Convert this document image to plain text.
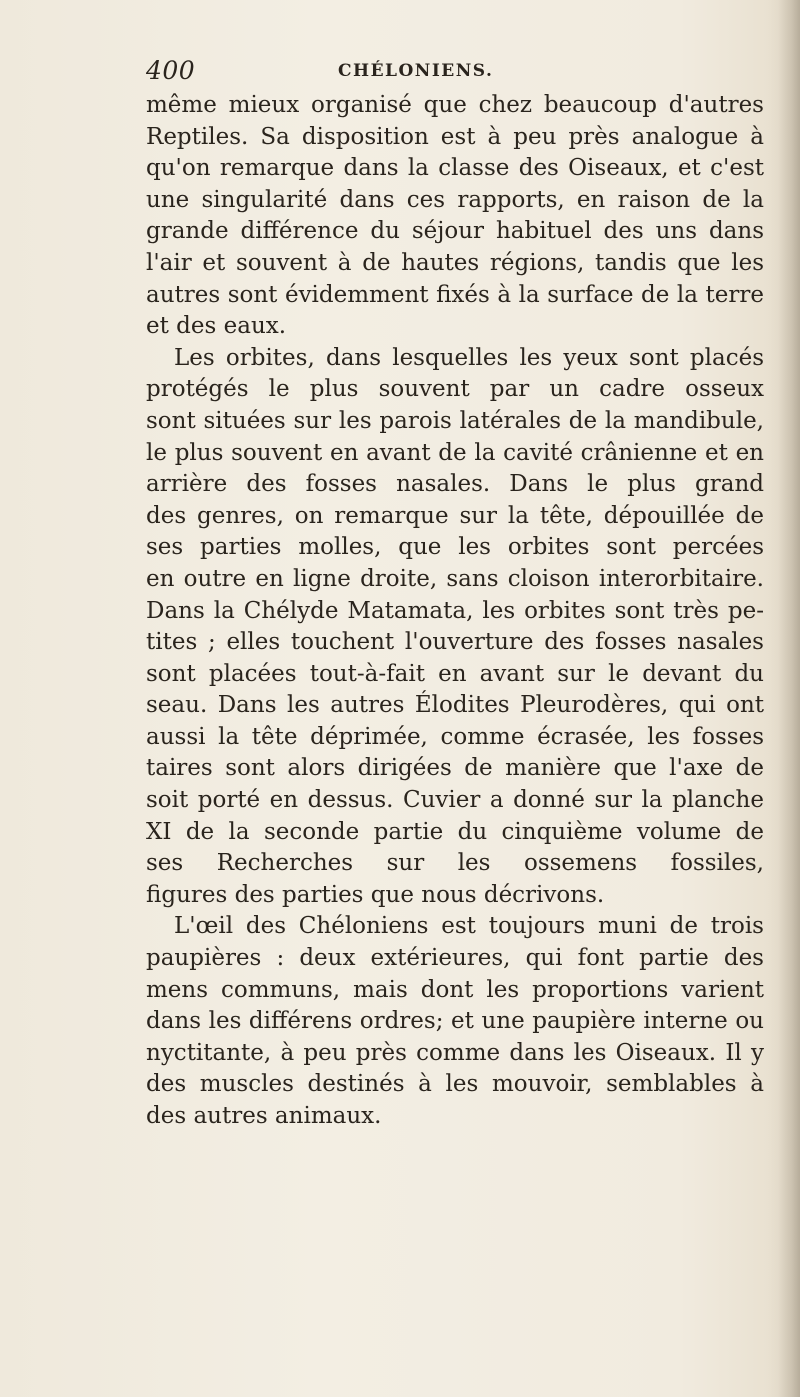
400	CHÉLONIENS.
même mieux organisé que chez beaucoup d'autres
Reptiles. Sa disposition est à peu près analogue à
qu'on remarque dans la classe des Oiseaux, et c'est
une singularité dans ces rapports, en raison de la
grande différence du séjour habituel des uns dans
l'air et souvent à de hautes régions, tandis que les
autres sont évidemment fixés à la surface de la terre
et des eaux.
Les orbites, dans lesquelles les yeux sont placés
protégés le plus souvent par un cadre osseux
sont situées sur les parois latérales de la mandibule,
le plus souvent en avant de la cavité crânienne et en
arrière des fosses nasales. Dans le plus grand
des genres, on remarque sur la tête, dépouillée de
ses parties molles, que les orbites sont percées
en outre en ligne droite, sans cloison interorbitaire.
Dans la Chélyde Matamata, les orbites sont très pe-
tites ; elles touchent l'ouverture des fosses nasales
sont placées tout-à-fait en avant sur le devant du
seau. Dans les autres Élodites Pleurodères, qui ont
aussi la tête déprimée, comme écrasée, les fosses
taires sont alors dirigées de manière que l'axe de
soit porté en dessus. Cuvier a donné sur la planche
XI de la seconde partie du cinquième volume de
ses Recherches sur les ossemens fossiles,
figures des parties que nous décrivons.
L'œil des Chéloniens est toujours muni de trois
paupières : deux extérieures, qui font partie des
mens communs, mais dont les proportions varient
dans les différens ordres; et une paupière interne ou
nyctitante, à peu près comme dans les Oiseaux. Il y
des muscles destinés à les mouvoir, semblables à
des autres animaux.
